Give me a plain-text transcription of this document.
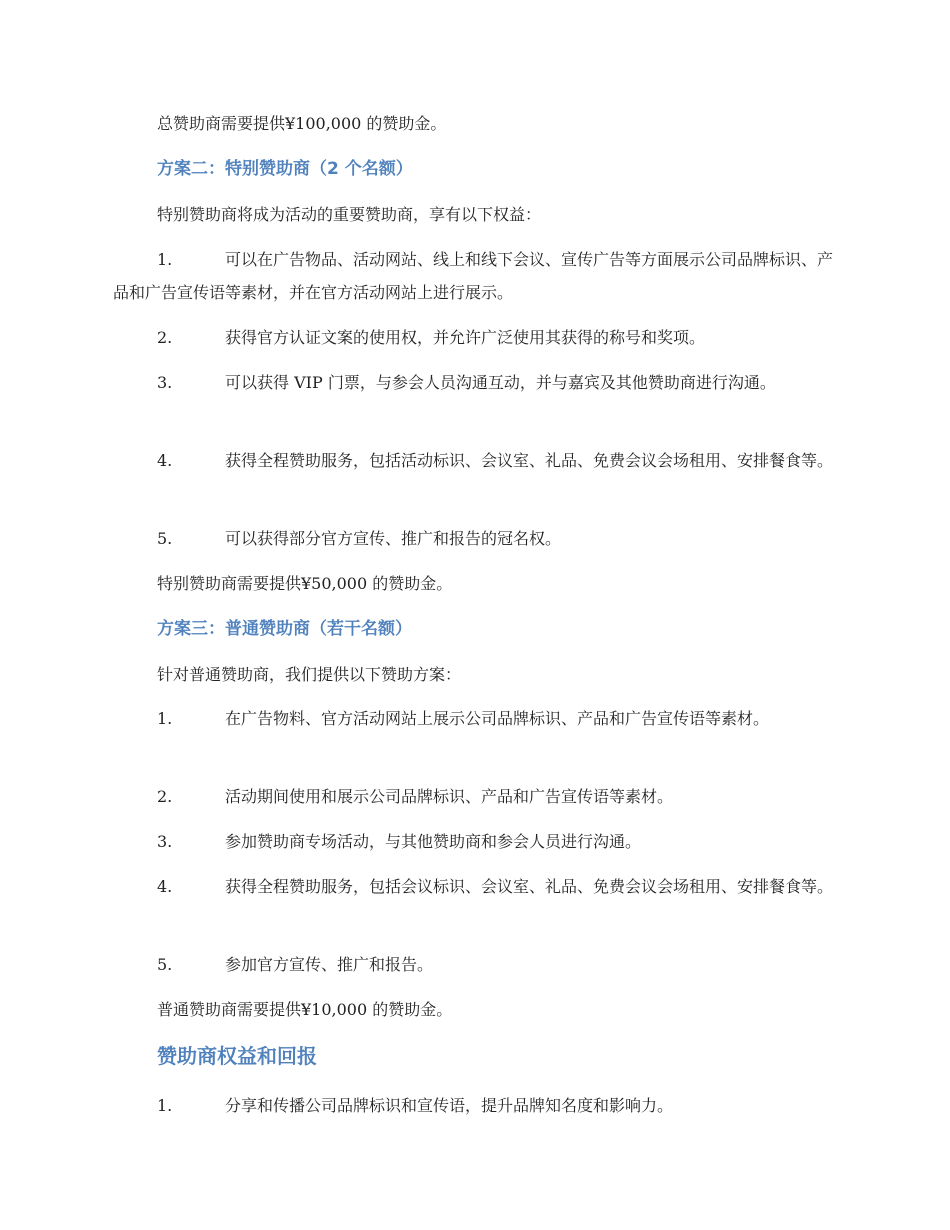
总赞助商需要提供¥100,000 的赞助金。

方案二：特别赞助商（2 个名额）

特别赞助商将成为活动的重要赞助商，享有以下权益：

1.	可以在广告物品、活动网站、线上和线下会议、宣传广告等方面展示公司品牌标识、产品和广告宣传语等素材，并在官方活动网站上进行展示。
2.	获得官方认证文案的使用权，并允许广泛使用其获得的称号和奖项。
3.	可以获得 VIP 门票，与参会人员沟通互动，并与嘉宾及其他赞助商进行沟通。
4.	获得全程赞助服务，包括活动标识、会议室、礼品、免费会议会场租用、安排餐食等。
5.	可以获得部分官方宣传、推广和报告的冠名权。

特别赞助商需要提供¥50,000 的赞助金。

方案三：普通赞助商（若干名额）

针对普通赞助商，我们提供以下赞助方案：

1.	在广告物料、官方活动网站上展示公司品牌标识、产品和广告宣传语等素材。
2.	活动期间使用和展示公司品牌标识、产品和广告宣传语等素材。
3.	参加赞助商专场活动，与其他赞助商和参会人员进行沟通。
4.	获得全程赞助服务，包括会议标识、会议室、礼品、免费会议会场租用、安排餐食等。
5.	参加官方宣传、推广和报告。

普通赞助商需要提供¥10,000 的赞助金。

赞助商权益和回报
1.	分享和传播公司品牌标识和宣传语，提升品牌知名度和影响力。
